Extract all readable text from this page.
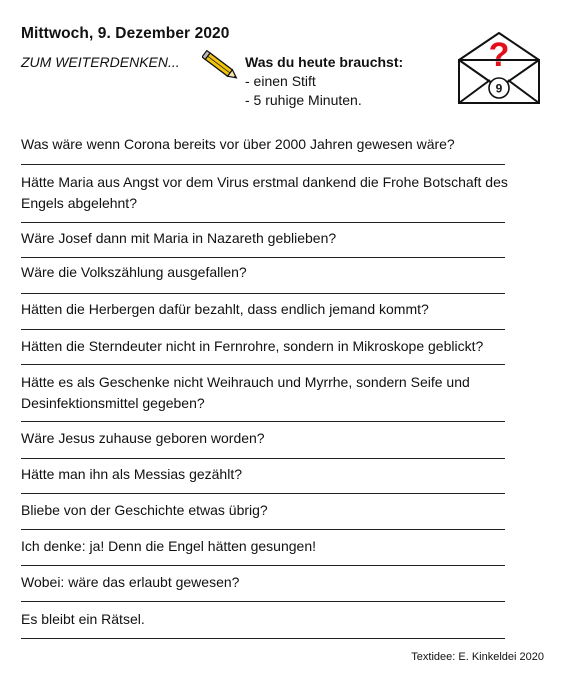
Mittwoch, 9. Dezember 2020
ZUM WEITERDENKEN...	Was du heute brauchst:
- einen Stift
- 5 ruhige Minuten.
?
9
Was wäre wenn Corona bereits vor über 2000 Jahren gewesen wäre?
Hätte Maria aus Angst vor dem Virus erstmal dankend die Frohe Botschaft des Engels abgelehnt?
Wäre Josef dann mit Maria in Nazareth geblieben?
Wäre die Volkszählung ausgefallen?
Hätten die Herbergen dafür bezahlt, dass endlich jemand kommt?
Hätten die Sterndeuter nicht in Fernrohre, sondern in Mikroskope geblickt?
Hätte es als Geschenke nicht Weihrauch und Myrrhe, sondern Seife und Desinfektionsmittel gegeben?
Wäre Jesus zuhause geboren worden?
Hätte man ihn als Messias gezählt?
Bliebe von der Geschichte etwas übrig?
Ich denke: ja! Denn die Engel hätten gesungen!
Wobei: wäre das erlaubt gewesen?
Es bleibt ein Rätsel.
Textidee: E. Kinkeldei 2020
